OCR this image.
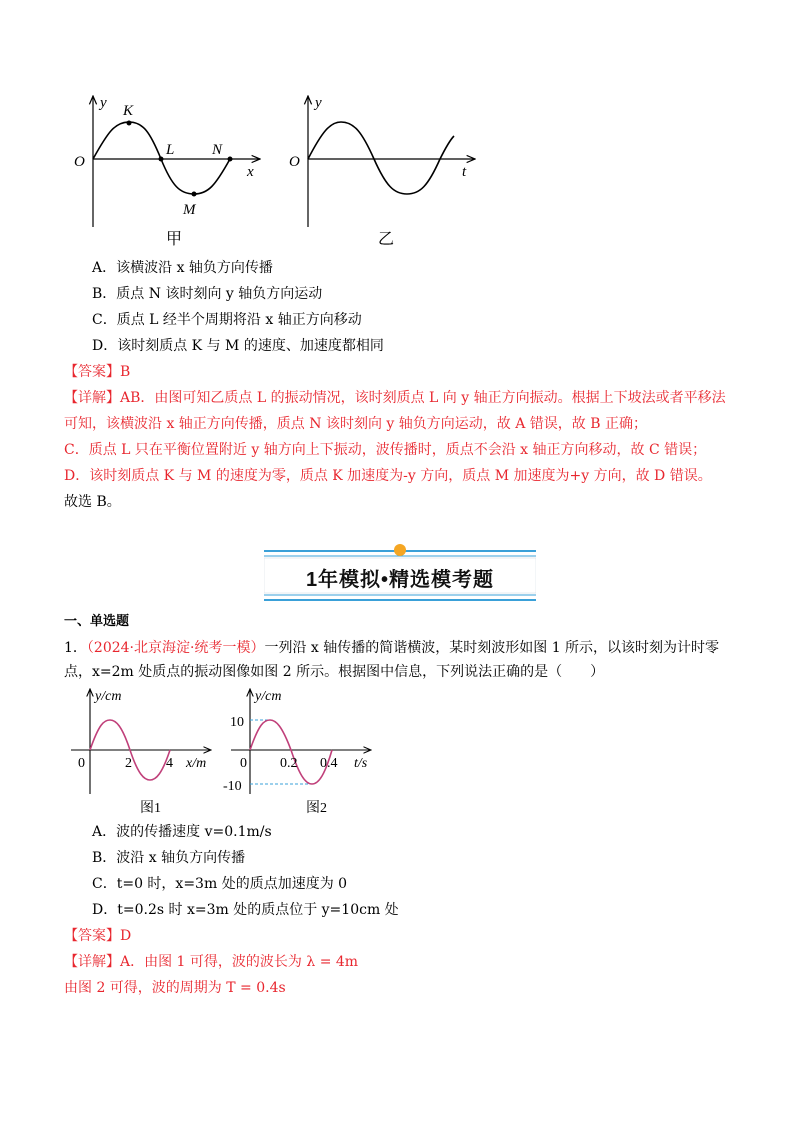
y
O
x
K
L
M
N
甲
y
O
t
乙
A．该横波沿 x 轴负方向传播
B．质点 N 该时刻向 y 轴负方向运动
C．质点 L 经半个周期将沿 x 轴正方向移动
D．该时刻质点 K 与 M 的速度、加速度都相同
【答案】B
【详解】AB．由图可知乙质点 L 的振动情况，该时刻质点 L 向 y 轴正方向振动。根据上下坡法或者平移法
可知，该横波沿 x 轴正方向传播，质点 N 该时刻向 y 轴负方向运动，故 A 错误，故 B 正确；
C．质点 L 只在平衡位置附近 y 轴方向上下振动，波传播时，质点不会沿 x 轴正方向移动，故 C 错误；
D．该时刻质点 K 与 M 的速度为零，质点 K 加速度为-y 方向，质点 M 加速度为+y 方向，故 D 错误。
故选 B。
1年模拟•精选模考题
一、单选题
1．（2024·北京海淀·统考一模）一列沿 x 轴传播的简谐横波，某时刻波形如图 1 所示，以该时刻为计时零
点，x=2m 处质点的振动图像如图 2 所示。根据图中信息，下列说法正确的是（　　）
y/cm
0	2 4 x/m
图1
y/cm
10
-10
0 0.2 0.4 t/s
图2
A．波的传播速度 v=0.1m/s
B．波沿 x 轴负方向传播
C．t=0 时，x=3m 处的质点加速度为 0
D．t=0.2s 时 x=3m 处的质点位于 y=10cm 处
【答案】D
【详解】A．由图 1 可得，波的波长为 λ = 4m
由图 2 可得，波的周期为 T = 0.4s
